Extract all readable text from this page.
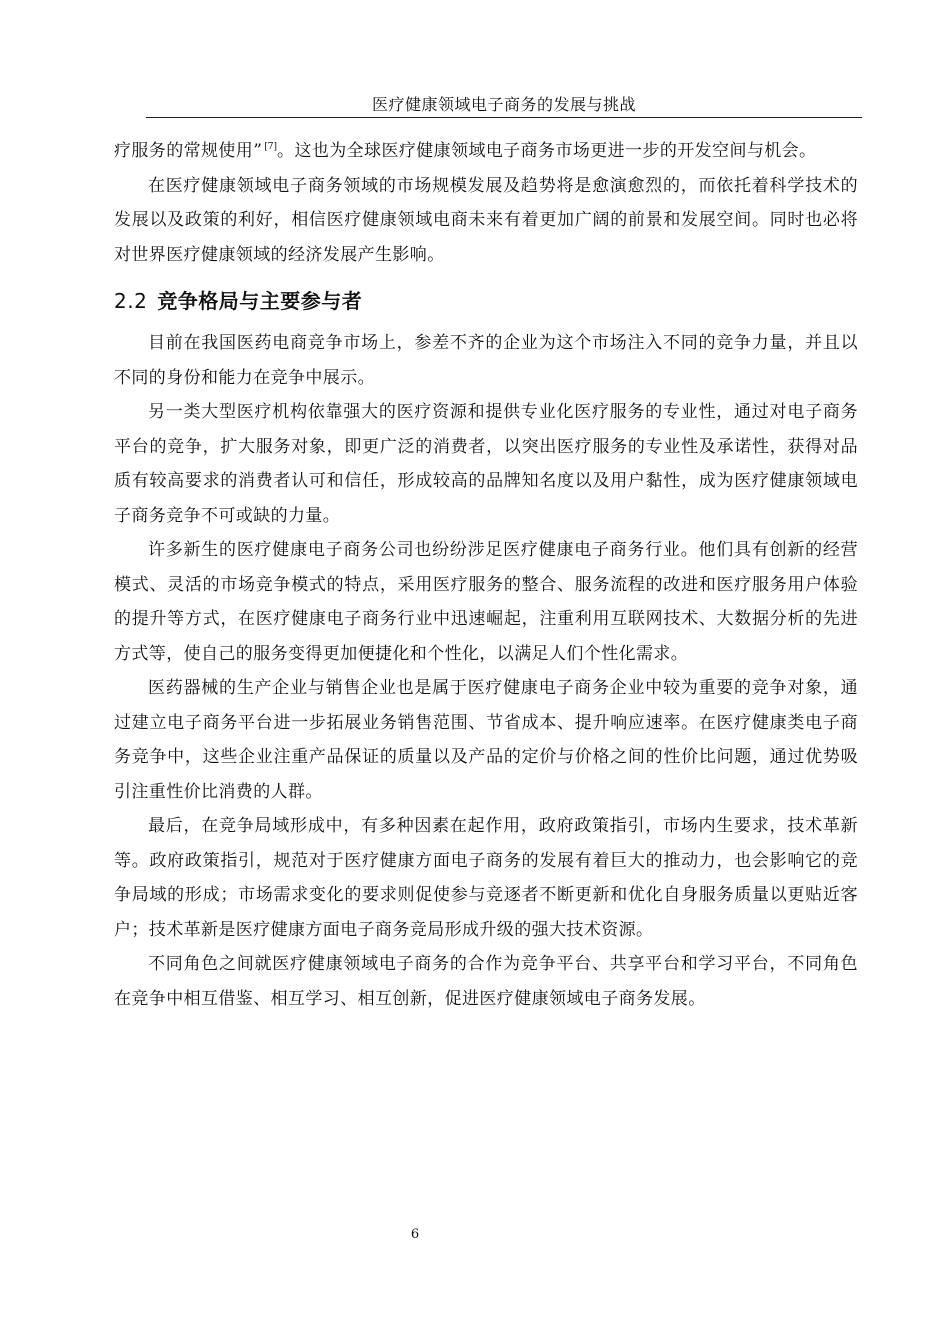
医疗健康领域电子商务的发展与挑战

疗服务的常规使用” [7]。这也为全球医疗健康领域电子商务市场更进一步的开发空间与机会。

在医疗健康领域电子商务领域的市场规模发展及趋势将是愈演愈烈的，而依托着科学技术的发展以及政策的利好，相信医疗健康领域电商未来有着更加广阔的前景和发展空间。同时也必将对世界医疗健康领域的经济发展产生影响。

2.2 竞争格局与主要参与者

目前在我国医药电商竞争市场上，参差不齐的企业为这个市场注入不同的竞争力量，并且以不同的身份和能力在竞争中展示。

另一类大型医疗机构依靠强大的医疗资源和提供专业化医疗服务的专业性，通过对电子商务平台的竞争，扩大服务对象，即更广泛的消费者，以突出医疗服务的专业性及承诺性，获得对品质有较高要求的消费者认可和信任，形成较高的品牌知名度以及用户黏性，成为医疗健康领域电子商务竞争不可或缺的力量。

许多新生的医疗健康电子商务公司也纷纷涉足医疗健康电子商务行业。他们具有创新的经营模式、灵活的市场竞争模式的特点，采用医疗服务的整合、服务流程的改进和医疗服务用户体验的提升等方式，在医疗健康电子商务行业中迅速崛起，注重利用互联网技术、大数据分析的先进方式等，使自己的服务变得更加便捷化和个性化，以满足人们个性化需求。

医药器械的生产企业与销售企业也是属于医疗健康电子商务企业中较为重要的竞争对象，通过建立电子商务平台进一步拓展业务销售范围、节省成本、提升响应速率。在医疗健康类电子商务竞争中，这些企业注重产品保证的质量以及产品的定价与价格之间的性价比问题，通过优势吸引注重性价比消费的人群。

最后，在竞争局域形成中，有多种因素在起作用，政府政策指引，市场内生要求，技术革新等。政府政策指引，规范对于医疗健康方面电子商务的发展有着巨大的推动力，也会影响它的竞争局域的形成；市场需求变化的要求则促使参与竞逐者不断更新和优化自身服务质量以更贴近客户；技术革新是医疗健康方面电子商务竞局形成升级的强大技术资源。

不同角色之间就医疗健康领域电子商务的合作为竞争平台、共享平台和学习平台，不同角色在竞争中相互借鉴、相互学习、相互创新，促进医疗健康领域电子商务发展。

6
